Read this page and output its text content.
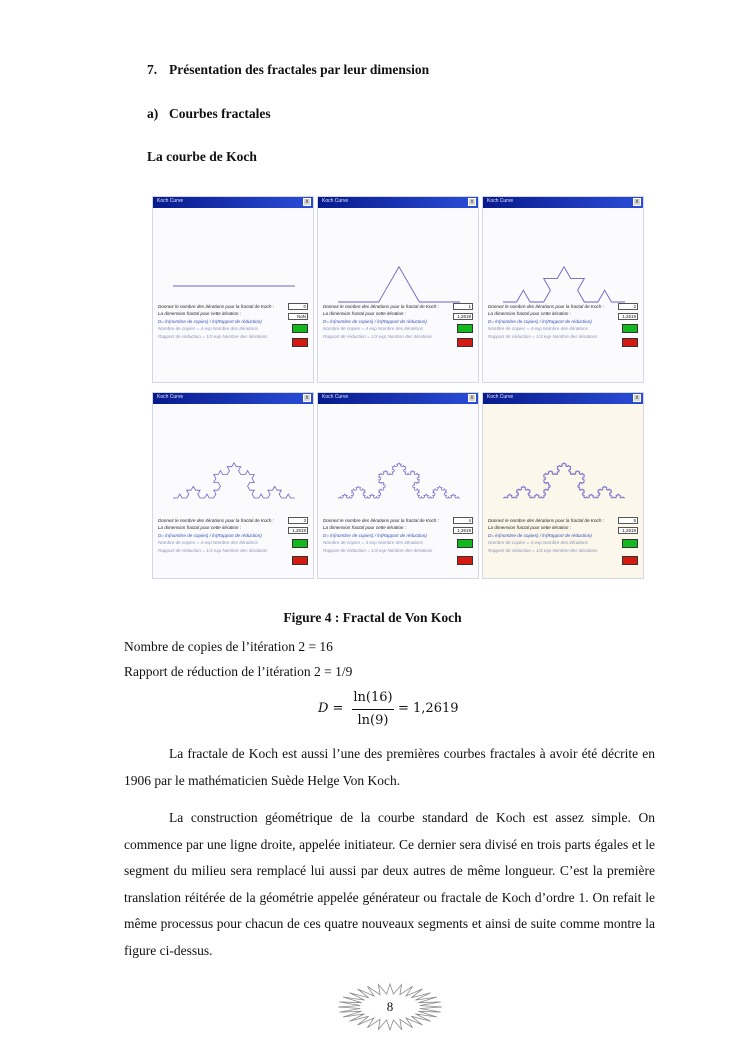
7. Présentation des fractales par leur dimension
a) Courbes fractales
La courbe de Koch
Koch Curve	x
Donnez le nombre des itérations pour la fractal de Koch :
La dimension fractal pour cette itération :
D= ln(nombre de copies) / ln(Rapport de réduction)
Nombre de copies = 4 exp Nombre des itérations
Rapport de réduction = 1/3 exp Nombre des itérations
0
NaN
Koch Curve	x
Donnez le nombre des itérations pour la fractal de Koch :
La dimension fractal pour cette itération :
D= ln(nombre de copies) / ln(Rapport de réduction)
Nombre de copies = 4 exp Nombre des itérations
Rapport de réduction = 1/3 exp Nombre des itérations
1
1,2619
Koch Curve	x
Donnez le nombre des itérations pour la fractal de Koch :
La dimension fractal pour cette itération :
D= ln(nombre de copies) / ln(Rapport de réduction)
Nombre de copies = 4 exp Nombre des itérations
Rapport de réduction = 1/3 exp Nombre des itérations
2
1,2619
Koch Curve	x
Donnez le nombre des itérations pour la fractal de Koch :
La dimension fractal pour cette itération :
D= ln(nombre de copies) / ln(Rapport de réduction)
Nombre de copies = 4 exp Nombre des itérations
Rapport de réduction = 1/3 exp Nombre des itérations
3
1,2619
Koch Curve	x
Donnez le nombre des itérations pour la fractal de Koch :
La dimension fractal pour cette itération :
D= ln(nombre de copies) / ln(Rapport de réduction)
Nombre de copies = 4 exp Nombre des itérations
Rapport de réduction = 1/3 exp Nombre des itérations
4
1,2619
Koch Curve	x
Donnez le nombre des itérations pour la fractal de Koch :
La dimension fractal pour cette itération :
D= ln(nombre de copies) / ln(Rapport de réduction)
Nombre de copies = 4 exp Nombre des itérations
Rapport de réduction = 1/3 exp Nombre des itérations
5
1,2619
Figure 4 : Fractal de Von Koch
Nombre de copies de l’itération 2 = 16
Rapport de réduction de l’itération 2 = 1/9
D =
ln(16)
ln(9)
= 1,2619

La fractale de Koch est aussi l’une des premières courbes fractales à avoir été décrite en 1906 par le mathématicien Suède Helge Von Koch.

La construction géométrique de la courbe standard de Koch est assez simple. On commence par une ligne droite, appelée initiateur. Ce dernier sera divisé en trois parts égales et le segment du milieu sera remplacé lui aussi par deux autres de même longueur. C’est la première translation réitérée de la géométrie appelée générateur ou fractale de Koch d’ordre 1. On refait le même processus pour chacun de ces quatre nouveaux segments et ainsi de suite comme montre la figure ci-dessus.

8
